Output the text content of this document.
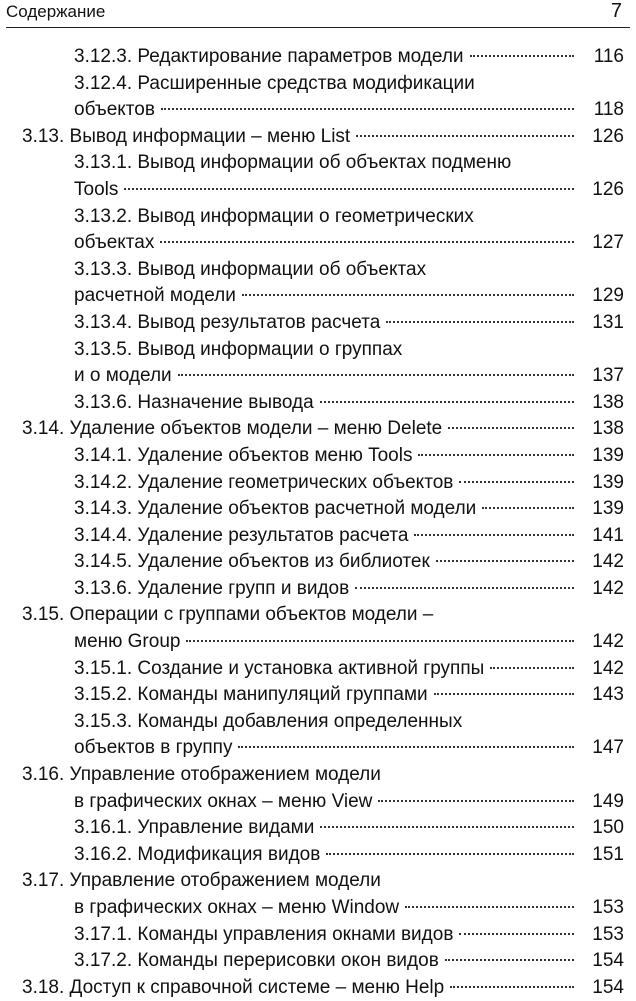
Содержание	7
3.12.3. Редактирование параметров модели	116
3.12.4. Расширенные средства модификации
объектов	118
3.13. Вывод информации – меню List	126
3.13.1. Вывод информации об объектах подменю
Tools	126
3.13.2. Вывод информации о геометрических
объектах	127
3.13.3. Вывод информации об объектах
расчетной модели	129
3.13.4. Вывод результатов расчета	131
3.13.5. Вывод информации о группах
и о модели	137
3.13.6. Назначение вывода	138
3.14. Удаление объектов модели – меню Delete	138
3.14.1. Удаление объектов меню Tools	139
3.14.2. Удаление геометрических объектов	139
3.14.3. Удаление объектов расчетной модели	139
3.14.4. Удаление результатов расчета	141
3.14.5. Удаление объектов из библиотек	142
3.13.6. Удаление групп и видов	142
3.15. Операции с группами объектов модели –
меню Group	142
3.15.1. Создание и установка активной группы	142
3.15.2. Команды манипуляций группами	143
3.15.3. Команды добавления определенных
объектов в группу	147
3.16. Управление отображением модели
в графических окнах – меню View	149
3.16.1. Управление видами	150
3.16.2. Модификация видов	151
3.17. Управление отображением модели
в графических окнах – меню Window	153
3.17.1. Команды управления окнами видов	153
3.17.2. Команды перерисовки окон видов	154
3.18. Доступ к справочной системе – меню Help	154
